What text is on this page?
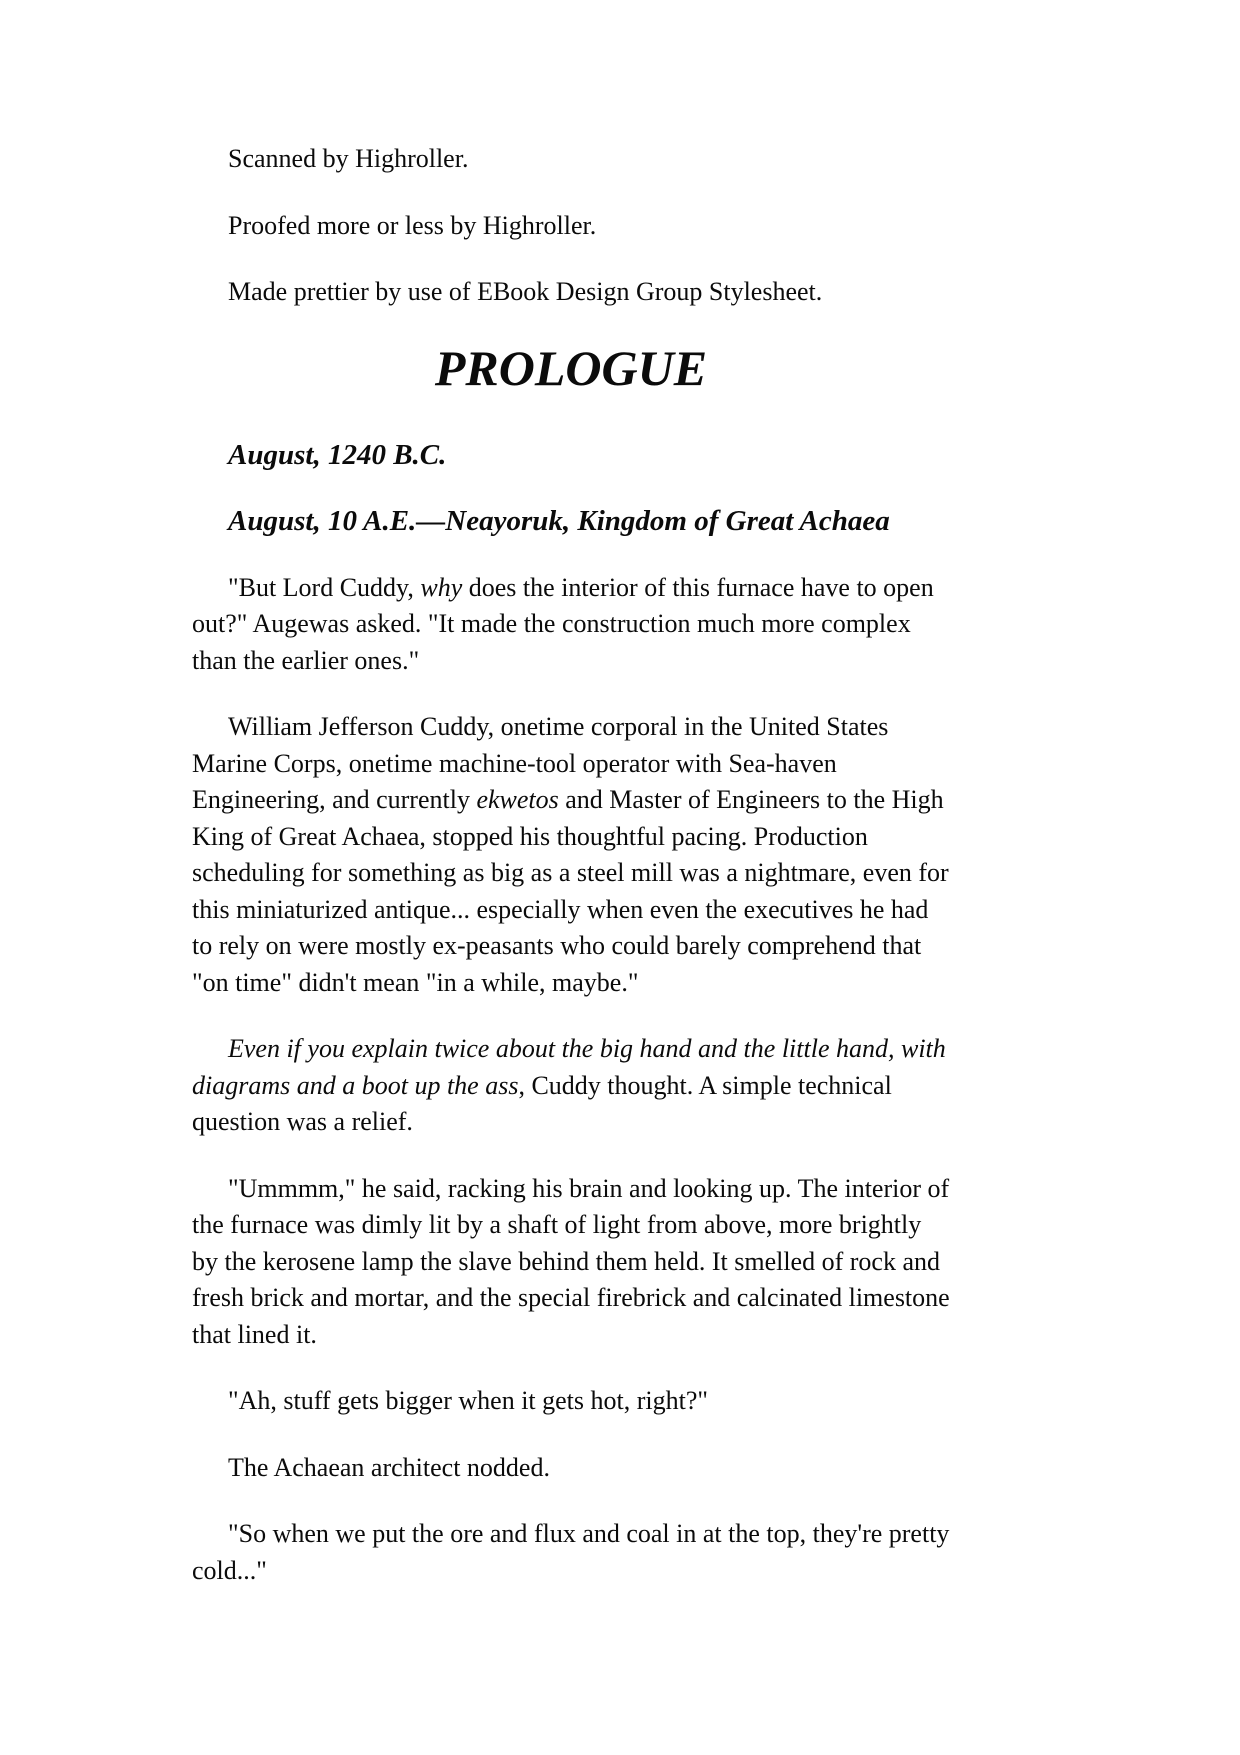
Scanned by Highroller.

Proofed more or less by Highroller.

Made prettier by use of EBook Design Group Stylesheet.

PROLOGUE

August, 1240 B.C.

August, 10 A.E.—Neayoruk, Kingdom of Great Achaea

"But Lord Cuddy, why does the interior of this furnace have to open out?" Augewas asked. "It made the construction much more complex than the earlier ones."

William Jefferson Cuddy, onetime corporal in the United States Marine Corps, onetime machine-tool operator with Sea-haven Engineering, and currently ekwetos and Master of Engineers to the High King of Great Achaea, stopped his thoughtful pacing. Production scheduling for something as big as a steel mill was a nightmare, even for this miniaturized antique... especially when even the executives he had to rely on were mostly ex-peasants who could barely comprehend that "on time" didn't mean "in a while, maybe."

Even if you explain twice about the big hand and the little hand, with diagrams and a boot up the ass, Cuddy thought. A simple technical question was a relief.

"Ummmm," he said, racking his brain and looking up. The interior of the furnace was dimly lit by a shaft of light from above, more brightly by the kerosene lamp the slave behind them held. It smelled of rock and fresh brick and mortar, and the special firebrick and calcinated limestone that lined it.

"Ah, stuff gets bigger when it gets hot, right?"

The Achaean architect nodded.

"So when we put the ore and flux and coal in at the top, they're pretty cold..."
